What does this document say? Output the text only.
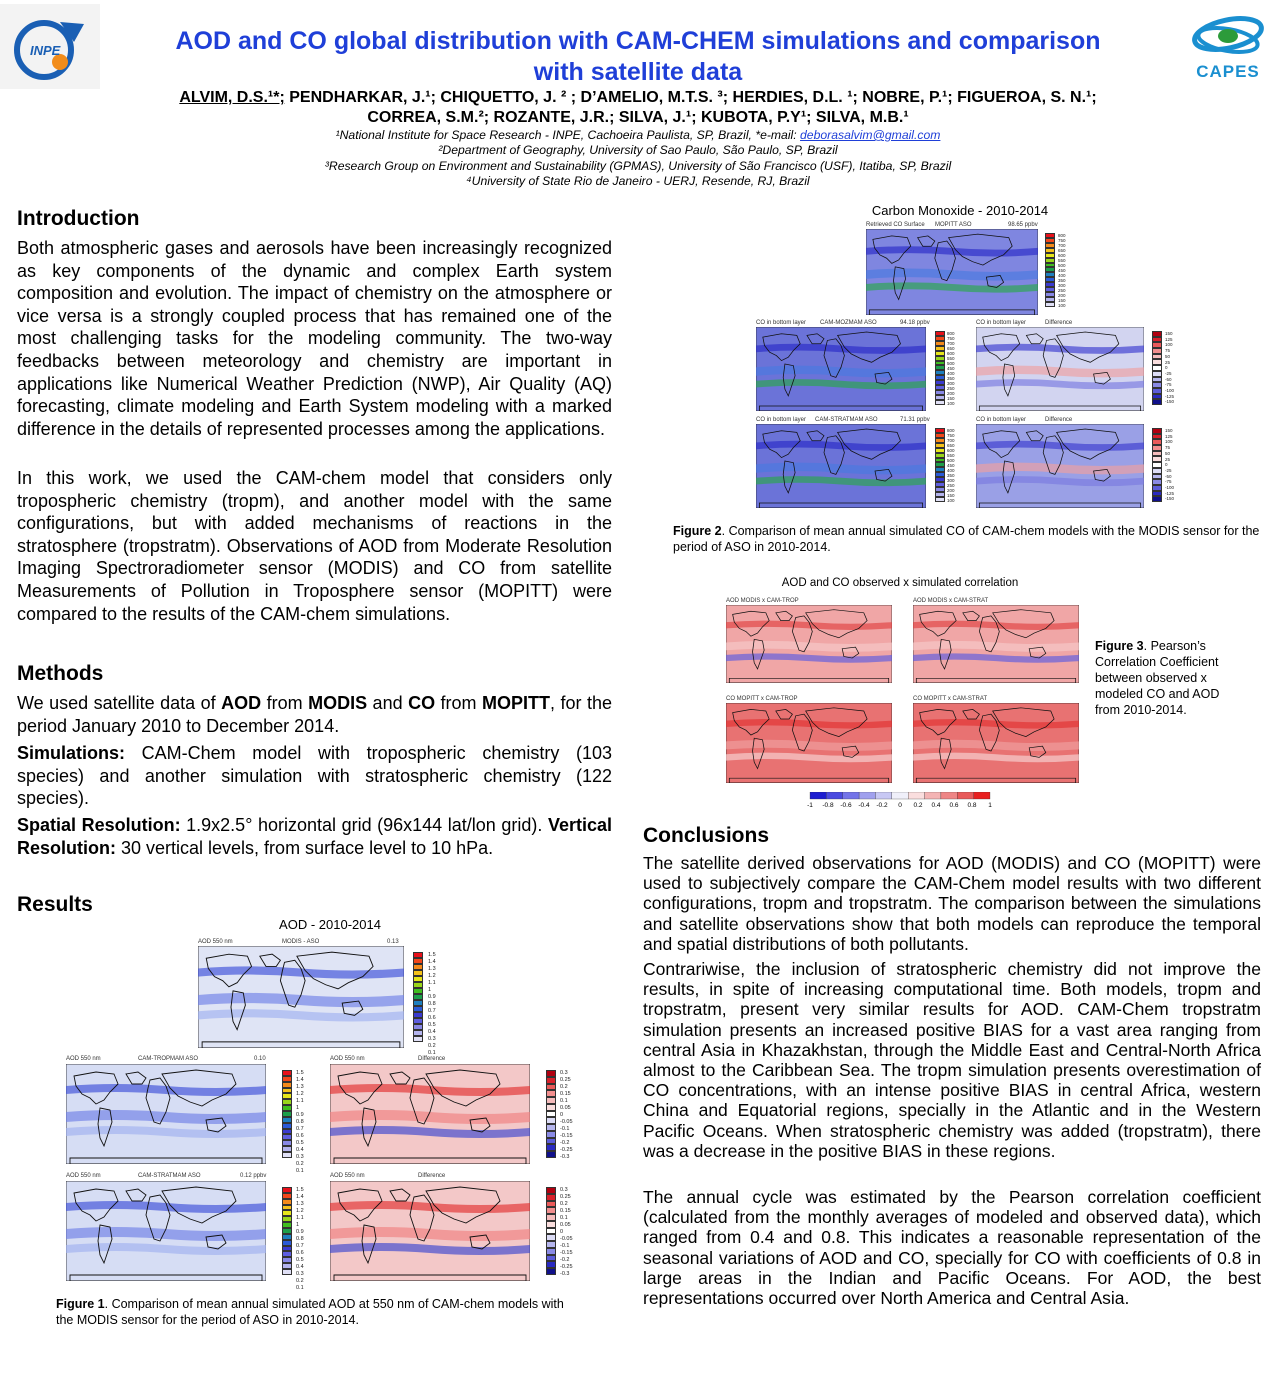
INPE
CAPES
AOD and CO global distribution with CAM-CHEM simulations and comparison
with satellite data
ALVIM, D.S.¹*; PENDHARKAR, J.¹; CHIQUETTO, J. ² ; D’AMELIO, M.T.S. ³; HERDIES, D.L. ¹; NOBRE, P.¹; FIGUEROA, S. N.¹;
CORREA, S.M.²; ROZANTE, J.R.; SILVA, J.¹; KUBOTA, P.Y¹; SILVA, M.B.¹
¹National Institute for Space Research - INPE, Cachoeira Paulista, SP, Brazil, *e-mail: deborasalvim@gmail.com
²Department of Geography, University of Sao Paulo, São Paulo, SP, Brazil
³Research Group on Environment and Sustainability (GPMAS), University of São Francisco (USF), Itatiba, SP, Brazil
⁴University of State Rio de Janeiro - UERJ, Resende, RJ, Brazil
Introduction
Both atmospheric gases and aerosols have been increasingly recognized as key components of the dynamic and complex Earth system composition and evolution. The impact of chemistry on the atmosphere or vice versa is a strongly coupled process that has remained one of the most challenging tasks for the modeling community. The two-way feedbacks between meteorology and chemistry are important in applications like Numerical Weather Prediction (NWP), Air Quality (AQ) forecasting, climate modeling and Earth System modeling with a marked difference in the details of represented processes among the applications.
In this work, we used the CAM-chem model that considers only tropospheric chemistry (tropm), and another model with the same configurations, but with added mechanisms of reactions in the stratosphere (tropstratm). Observations of AOD from Moderate Resolution Imaging Spectroradiometer sensor (MODIS) and CO from satellite Measurements of Pollution in Troposphere sensor (MOPITT) were compared to the results of the CAM-chem simulations.
Methods
We used satellite data of AOD from MODIS and CO from MOPITT, for the period January 2010 to December 2014.
Simulations: CAM-Chem model with tropospheric chemistry (103 species) and another simulation with stratospheric chemistry (122 species).
Spatial Resolution: 1.9x2.5° horizontal grid (96x144 lat/lon grid). Vertical Resolution: 30 vertical levels, from surface level to 10 hPa.
Results
AOD - 2010-2014
AOD 550 nm	MODIS - ASO	0.13
1.5
1.4
1.3
1.2
1.1
1
0.9
0.8
0.7
0.6
0.5
0.4
0.3
0.2
0.1
AOD 550 nm	CAM-TROPMAM ASO	0.10
1.5
1.4
1.3
1.2
1.1
1
0.9
0.8
0.7
0.6
0.5
0.4
0.3
0.2
0.1
AOD 550 nm	Difference
0.3
0.25
0.2
0.15
0.1
0.05
0
-0.05
-0.1
-0.15
-0.2
-0.25
-0.3
AOD 550 nm	CAM-STRATMAM ASO	0.12 ppbv
1.5
1.4
1.3
1.2
1.1
1
0.9
0.8
0.7
0.6
0.5
0.4
0.3
0.2
0.1
AOD 550 nm	Difference
0.3
0.25
0.2
0.15
0.1
0.05
0
-0.05
-0.1
-0.15
-0.2
-0.25
-0.3
Figure 1. Comparison of mean annual simulated AOD at 550 nm of CAM-chem models with the MODIS sensor for the period of ASO in 2010-2014.
Carbon Monoxide - 2010-2014
Retrieved CO Surface MOPITT ASO	98.65 ppbv
800
750
700
650
600
550
500
450
400
350
300
250
200
150
100
CO in bottom layer CAM-MOZMAM ASO	94.18 ppbv
800
750
700
650
600
550
500
450
400
350
300
250
200
150
100
CO in bottom layer	Difference
150
125
100
75
50
25
0
-25
-50
-75
-100
-125
-150
CO in bottom layer CAM-STRATMAM ASO	71.31 ppbv
800
750
700
650
600
550
500
450
400
350
300
250
200
150
100
CO in bottom layer	Difference
150
125
100
75
50
25
0
-25
-50
-75
-100
-125
-150
Figure 2. Comparison of mean annual simulated CO of CAM-chem models with the MODIS sensor for the period of ASO in 2010-2014.
AOD and CO observed x simulated correlation
AOD MODIS x CAM-TROP	AOD MODIS x CAM-STRAT
CO MOPITT x CAM-TROP	CO MOPITT x CAM-STRAT
-1 -0.8 -0.6 -0.4 -0.2 0 0.2 0.4 0.6 0.8 1
Figure 3. Pearson’s Correlation Coefficient between observed x modeled CO and AOD from 2010-2014.
Conclusions
The satellite derived observations for AOD (MODIS) and CO (MOPITT) were used to subjectively compare the CAM-Chem model results with two different configurations, tropm and tropstratm. The comparison between the simulations and satellite observations show that both models can reproduce the temporal and spatial distributions of both pollutants.
Contrariwise, the inclusion of stratospheric chemistry did not improve the results, in spite of increasing computational time. Both models, tropm and tropstratm, present very similar results for AOD. CAM-Chem tropstratm simulation presents an increased positive BIAS for a vast area ranging from central Asia in Khazakhstan, through the Middle East and Central-North Africa almost to the Caribbean Sea. The tropm simulation presents overestimation of CO concentrations, with an intense positive BIAS in central Africa, western China and Equatorial regions, specially in the Atlantic and in the Western Pacific Oceans. When stratospheric chemistry was added (tropstratm), there was a decrease in the positive BIAS in these regions.
The annual cycle was estimated by the Pearson correlation coefficient (calculated from the monthly averages of modeled and observed data), which ranged from 0.4 and 0.8. This indicates a reasonable representation of the seasonal variations of AOD and CO, specially for CO with coefficients of 0.8 in large areas in the Indian and Pacific Oceans. For AOD, the best representations occurred over North America and Central Asia.
